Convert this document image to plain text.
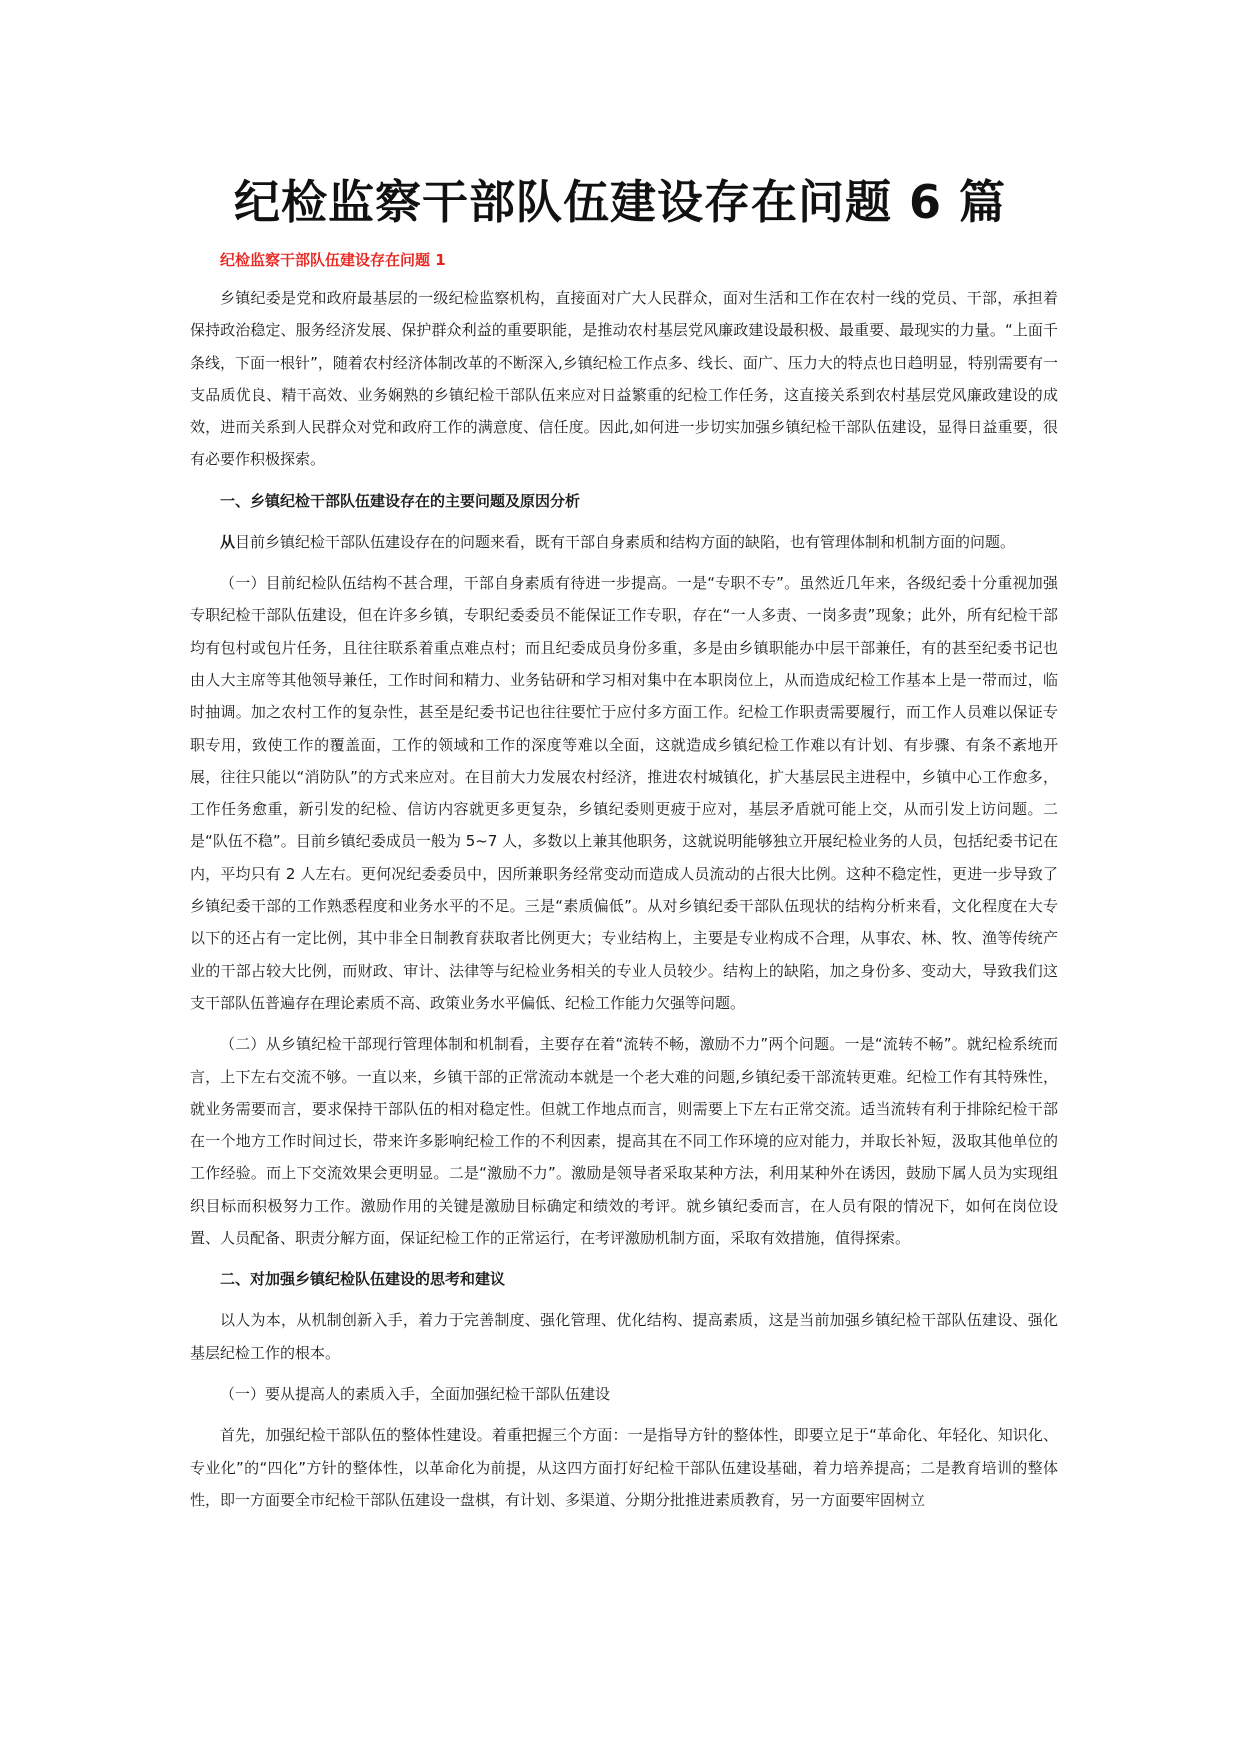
纪检监察干部队伍建设存在问题 6 篇
纪检监察干部队伍建设存在问题 1

乡镇纪委是党和政府最基层的一级纪检监察机构，直接面对广大人民群众，面对生活和工作在农村一线的党员、干部，承担着保持政治稳定、服务经济发展、保护群众利益的重要职能，是推动农村基层党风廉政建设最积极、最重要、最现实的力量。“上面千条线，下面一根针”，随着农村经济体制改革的不断深入,乡镇纪检工作点多、线长、面广、压力大的特点也日趋明显，特别需要有一支品质优良、精干高效、业务娴熟的乡镇纪检干部队伍来应对日益繁重的纪检工作任务，这直接关系到农村基层党风廉政建设的成效，进而关系到人民群众对党和政府工作的满意度、信任度。因此,如何进一步切实加强乡镇纪检干部队伍建设，显得日益重要，很有必要作积极探索。

一、乡镇纪检干部队伍建设存在的主要问题及原因分析

从目前乡镇纪检干部队伍建设存在的问题来看，既有干部自身素质和结构方面的缺陷，也有管理体制和机制方面的问题。

（一）目前纪检队伍结构不甚合理，干部自身素质有待进一步提高。一是“专职不专”。虽然近几年来，各级纪委十分重视加强专职纪检干部队伍建设，但在许多乡镇，专职纪委委员不能保证工作专职，存在“一人多责、一岗多责”现象；此外，所有纪检干部均有包村或包片任务，且往往联系着重点难点村；而且纪委成员身份多重，多是由乡镇职能办中层干部兼任，有的甚至纪委书记也由人大主席等其他领导兼任，工作时间和精力、业务钻研和学习相对集中在本职岗位上，从而造成纪检工作基本上是一带而过，临时抽调。加之农村工作的复杂性，甚至是纪委书记也往往要忙于应付多方面工作。纪检工作职责需要履行，而工作人员难以保证专职专用，致使工作的覆盖面，工作的领域和工作的深度等难以全面，这就造成乡镇纪检工作难以有计划、有步骤、有条不紊地开展，往往只能以“消防队”的方式来应对。在目前大力发展农村经济，推进农村城镇化，扩大基层民主进程中，乡镇中心工作愈多，工作任务愈重，新引发的纪检、信访内容就更多更复杂，乡镇纪委则更疲于应对，基层矛盾就可能上交，从而引发上访问题。二是“队伍不稳”。目前乡镇纪委成员一般为 5~7 人，多数以上兼其他职务，这就说明能够独立开展纪检业务的人员，包括纪委书记在内，平均只有 2 人左右。更何况纪委委员中，因所兼职务经常变动而造成人员流动的占很大比例。这种不稳定性，更进一步导致了乡镇纪委干部的工作熟悉程度和业务水平的不足。三是“素质偏低”。从对乡镇纪委干部队伍现状的结构分析来看，文化程度在大专以下的还占有一定比例，其中非全日制教育获取者比例更大；专业结构上，主要是专业构成不合理，从事农、林、牧、渔等传统产业的干部占较大比例，而财政、审计、法律等与纪检业务相关的专业人员较少。结构上的缺陷，加之身份多、变动大，导致我们这支干部队伍普遍存在理论素质不高、政策业务水平偏低、纪检工作能力欠强等问题。

（二）从乡镇纪检干部现行管理体制和机制看，主要存在着“流转不畅，激励不力”两个问题。一是“流转不畅”。就纪检系统而言，上下左右交流不够。一直以来，乡镇干部的正常流动本就是一个老大难的问题,乡镇纪委干部流转更难。纪检工作有其特殊性，就业务需要而言，要求保持干部队伍的相对稳定性。但就工作地点而言，则需要上下左右正常交流。适当流转有利于排除纪检干部在一个地方工作时间过长，带来许多影响纪检工作的不利因素，提高其在不同工作环境的应对能力，并取长补短，汲取其他单位的工作经验。而上下交流效果会更明显。二是“激励不力”。激励是领导者采取某种方法，利用某种外在诱因，鼓励下属人员为实现组织目标而积极努力工作。激励作用的关键是激励目标确定和绩效的考评。就乡镇纪委而言，在人员有限的情况下，如何在岗位设置、人员配备、职责分解方面，保证纪检工作的正常运行，在考评激励机制方面，采取有效措施，值得探索。

二、对加强乡镇纪检队伍建设的思考和建议

以人为本，从机制创新入手，着力于完善制度、强化管理、优化结构、提高素质，这是当前加强乡镇纪检干部队伍建设、强化基层纪检工作的根本。

（一）要从提高人的素质入手，全面加强纪检干部队伍建设

首先，加强纪检干部队伍的整体性建设。着重把握三个方面：一是指导方针的整体性，即要立足于“革命化、年轻化、知识化、专业化”的“四化”方针的整体性，以革命化为前提，从这四方面打好纪检干部队伍建设基础，着力培养提高；二是教育培训的整体性，即一方面要全市纪检干部队伍建设一盘棋，有计划、多渠道、分期分批推进素质教育，另一方面要牢固树立
